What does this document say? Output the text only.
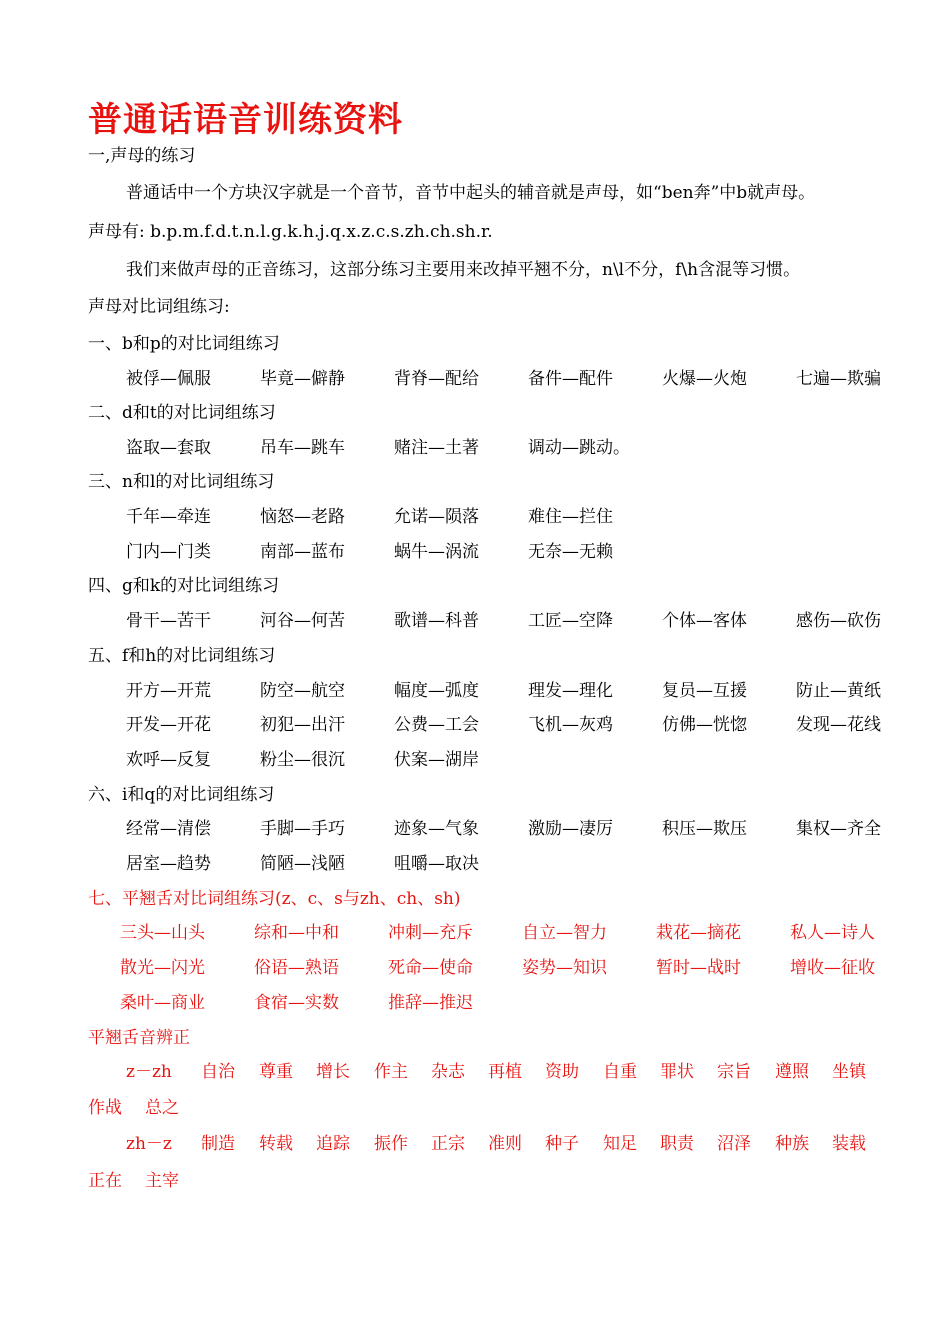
普通话语音训练资料
一,声母的练习
普通话中一个方块汉字就是一个音节，音节中起头的辅音就是声母，如“ben奔”中b就声母。
声母有: b.p.m.f.d.t.n.l.g.k.h.j.q.x.z.c.s.zh.ch.sh.r.
我们来做声母的正音练习，这部分练习主要用来改掉平翘不分，n\l不分，f\h含混等习惯。
声母对比词组练习:
一、b和p的对比词组练习
被俘—佩服	毕竟—僻静	背脊—配给	备件—配件	火爆—火炮	七遍—欺骗
二、d和t的对比词组练习
盗取—套取	吊车—跳车	赌注—土著	调动—跳动。
三、n和l的对比词组练习
千年—牵连	恼怒—老路	允诺—陨落	难住—拦住
门内—门类	南部—蓝布	蜗牛—涡流	无奈—无赖
四、g和k的对比词组练习
骨干—苦干	河谷—何苦	歌谱—科普	工匠—空降	个体—客体	感伤—砍伤
五、f和h的对比词组练习
开方—开荒	防空—航空	幅度—弧度	理发—理化	复员—互援	防止—黄纸
开发—开花	初犯—出汗	公费—工会	飞机—灰鸡	仿佛—恍惚	发现—花线
欢呼—反复	粉尘—很沉	伏案—湖岸
六、i和q的对比词组练习
经常—清偿	手脚—手巧	迹象—气象	激励—凄厉	积压—欺压	集权—齐全
居室—趋势	简陋—浅陋	咀嚼—取决
七、平翘舌对比词组练习(z、c、s与zh、ch、sh)
三头—山头	综和—中和	冲刺—充斥	自立—智力	栽花—摘花	私人—诗人
散光—闪光	俗语—熟语	死命—使命	姿势—知识	暂时—战时	增收—征收
桑叶—商业	食宿—实数	推辞—推迟
平翘舌音辨正
z－zh 自治 尊重 增长 作主 杂志 再植 资助 自重 罪状 宗旨 遵照 坐镇
作战 总之
zh－z 制造 转载 追踪 振作 正宗 准则 种子 知足 职责 沼泽 种族 装载
正在 主宰
